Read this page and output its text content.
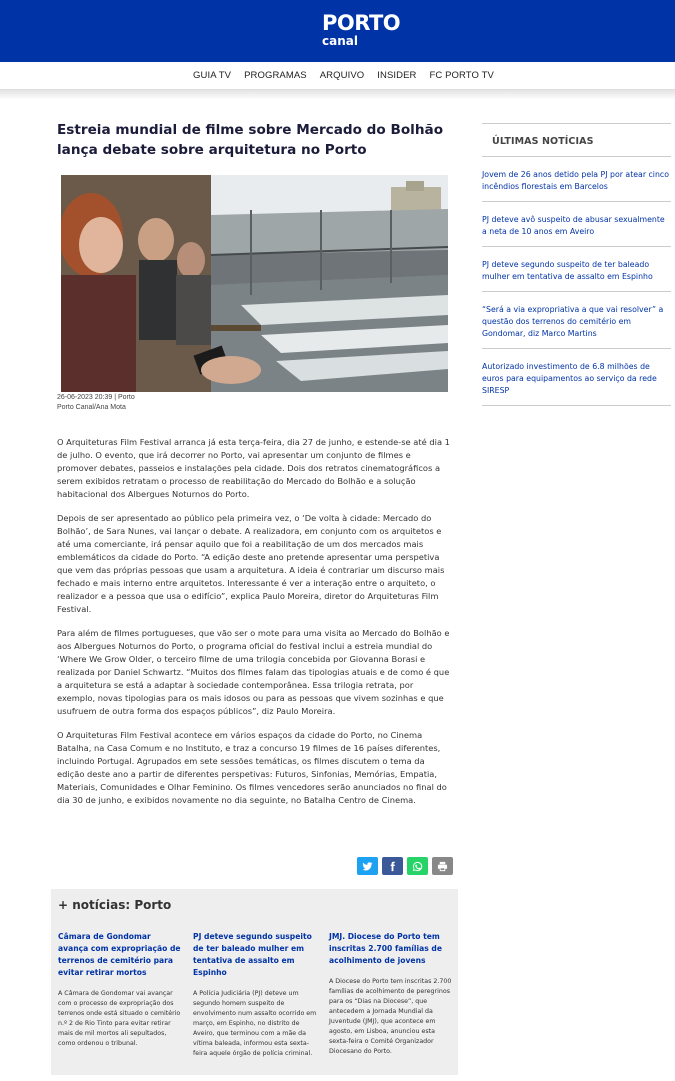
PORTO
canal
GUIA TV PROGRAMAS ARQUIVO INSIDER FC PORTO TV
Estreia mundial de filme sobre Mercado do Bolhão lança debate sobre arquitetura no Porto
26-06-2023 20:39 | Porto
Porto Canal/Ana Mota

O Arquiteturas Film Festival arranca já esta terça-feira, dia 27 de junho, e estende-se até dia 1 de julho. O evento, que irá decorrer no Porto, vai apresentar um conjunto de filmes e promover debates, passeios e instalações pela cidade. Dois dos retratos cinematográficos a serem exibidos retratam o processo de reabilitação do Mercado do Bolhão e a solução habitacional dos Albergues Noturnos do Porto.

Depois de ser apresentado ao público pela primeira vez, o ‘De volta à cidade: Mercado do Bolhão’, de Sara Nunes, vai lançar o debate. A realizadora, em conjunto com os arquitetos e até uma comerciante, irá pensar aquilo que foi a reabilitação de um dos mercados mais emblemáticos da cidade do Porto. “A edição deste ano pretende apresentar uma perspetiva que vem das próprias pessoas que usam a arquitetura. A ideia é contrariar um discurso mais fechado e mais interno entre arquitetos. Interessante é ver a interação entre o arquiteto, o realizador e a pessoa que usa o edifício”, explica Paulo Moreira, diretor do Arquiteturas Film Festival.

Para além de filmes portugueses, que vão ser o mote para uma visita ao Mercado do Bolhão e aos Albergues Noturnos do Porto, o programa oficial do festival inclui a estreia mundial do ‘Where We Grow Older, o terceiro filme de uma trilogia concebida por Giovanna Borasi e realizada por Daniel Schwartz. “Muitos dos filmes falam das tipologias atuais e de como é que a arquitetura se está a adaptar à sociedade contemporânea. Essa trilogia retrata, por exemplo, novas tipologias para os mais idosos ou para as pessoas que vivem sozinhas e que usufruem de outra forma dos espaços públicos”, diz Paulo Moreira.

O Arquiteturas Film Festival acontece em vários espaços da cidade do Porto, no Cinema Batalha, na Casa Comum e no Instituto, e traz a concurso 19 filmes de 16 países diferentes, incluindo Portugal. Agrupados em sete sessões temáticas, os filmes discutem o tema da edição deste ano a partir de diferentes perspetivas: Futuros, Sinfonias, Memórias, Empatia, Materiais, Comunidades e Olhar Feminino. Os filmes vencedores serão anunciados no final do dia 30 de junho, e exibidos novamente no dia seguinte, no Batalha Centro de Cinema.

+ notícias: Porto
Câmara de Gondomar avança com expropriação de terrenos de cemitério para evitar retirar mortos
A Câmara de Gondomar vai avançar com o processo de expropriação dos terrenos onde está situado o cemitério n.º 2 de Rio Tinto para evitar retirar mais de mil mortos ali sepultados, como ordenou o tribunal.
PJ deteve segundo suspeito de ter baleado mulher em tentativa de assalto em Espinho
A Polícia Judiciária (PJ) deteve um segundo homem suspeito de envolvimento num assalto ocorrido em março, em Espinho, no distrito de Aveiro, que terminou com a mãe da vítima baleada, informou esta sexta-feira aquele órgão de polícia criminal.
JMJ. Diocese do Porto tem inscritas 2.700 famílias de acolhimento de jovens
A Diocese do Porto tem inscritas 2.700 famílias de acolhimento de peregrinos para os “Dias na Diocese”, que antecedem a Jornada Mundial da Juventude (JMJ), que acontece em agosto, em Lisboa, anunciou esta sexta-feira o Comité Organizador Diocesano do Porto.
ÚLTIMAS NOTÍCIAS
Jovem de 26 anos detido pela PJ por atear cinco incêndios florestais em Barcelos
PJ deteve avô suspeito de abusar sexualmente a neta de 10 anos em Aveiro
PJ deteve segundo suspeito de ter baleado mulher em tentativa de assalto em Espinho
“Será a via expropriativa a que vai resolver” a questão dos terrenos do cemitério em Gondomar, diz Marco Martins
Autorizado investimento de 6.8 milhões de euros para equipamentos ao serviço da rede SIRESP
